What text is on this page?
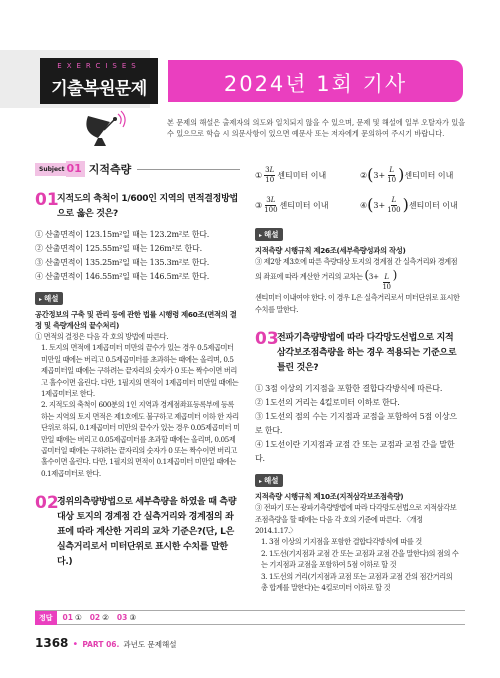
EXERCISES
기출복원문제	2024년 1회 기사
본 문제의 해설은 출제자의 의도와 일치되지 않을 수 있으며, 문제 및 해설에 일부 오탈자가 있을 수 있으므로 학습 시 의문사항이 있으면 예문사 또는 저자에게 문의하여 주시기 바랍니다.
Subject 01 지적측량
01
지적도의 축척이 1/600인 지역의 면적결정방법으로 옳은 것은?
① 산출면적이 123.15m²일 때는 123.2m²로 한다.
② 산출면적이 125.55m²일 때는 126m²로 한다.
③ 산출면적이 135.25m²일 때는 135.3m²로 한다.
④ 산출면적이 146.55m²일 때는 146.5m²로 한다.
▸ 해설
공간정보의 구축 및 관리 등에 관한 법률 시행령 제60조(면적의 결정 및 측량계산의 끝수처리)
① 면적의 결정은 다음 각 호의 방법에 따른다.
1. 토지의 면적에 1제곱미터 미만의 끝수가 있는 경우 0.5제곱미터 미만일 때에는 버리고 0.5제곱미터를 초과하는 때에는 올리며, 0.5제곱미터일 때에는 구하려는 끝자리의 숫자가 0 또는 짝수이면 버리고 홀수이면 올린다. 다만, 1필지의 면적이 1제곱미터 미만일 때에는 1제곱미터로 한다.
2. 지적도의 축척이 600분의 1인 지역과 경계점좌표등록부에 등록하는 지역의 토지 면적은 제1호에도 불구하고 제곱미터 이하 한 자리 단위로 하되, 0.1제곱미터 미만의 끝수가 있는 경우 0.05제곱미터 미만일 때에는 버리고 0.05제곱미터를 초과할 때에는 올리며, 0.05제곱미터일 때에는 구하려는 끝자리의 숫자가 0 또는 짝수이면 버리고 홀수이면 올린다. 다만, 1필지의 면적이 0.1제곱미터 미만일 때에는 0.1제곱미터로 한다.
02
경위의측량방법으로 세부측량을 하였을 때 측량대상 토지의 경계점 간 실측거리와 경계점의 좌표에 따라 계산한 거리의 교차 기준은?(단, L은 실측거리로서 미터단위로 표시한 수치를 말한다.)
① $\frac{3L}{10}$ 센티미터 이내	② ( $3 + \frac{L}{10}$ ) 센티미터 이내
③ $\frac{3L}{100}$ 센티미터 이내	④ ( $3 + \frac{L}{100}$ ) 센티미터 이내
▸ 해설
지적측량 시행규칙 제26조(세부측량성과의 작성)
③ 제2항 제3호에 따른 측량대상 토지의 경계점 간 실측거리와 경계점의 좌표에 따라 계산한 거리의 교차는 ($3+ \frac{L}{10}$ )
센티미터 이내여야 한다. 이 경우 L은 실측거리로서 미터단위로 표시한 수치를 말한다.
03
전파기측량방법에 따라 다각망도선법으로 지적삼각보조점측량을 하는 경우 적용되는 기준으로 틀린 것은?
① 3점 이상의 기지점을 포함한 결합다각방식에 따른다.
② 1도선의 거리는 4킬로미터 이하로 한다.
③ 1도선의 점의 수는 기지점과 교점을 포함하여 5점 이상으로 한다.
④ 1도선이란 기지점과 교점 간 또는 교점과 교점 간을 말한다.
▸ 해설
지적측량 시행규칙 제10조(지적삼각보조점측량)
③ 전파기 또는 광파기측량방법에 따라 다각망도선법으로 지적삼각보조점측량을 할 때에는 다음 각 호의 기준에 따른다. 〈개정 2014.1.17.〉
1. 3점 이상의 기지점을 포함한 결합다각방식에 따를 것
2. 1도선(기지점과 교점 간 또는 교점과 교점 간을 말한다)의 점의 수는 기지점과 교점을 포함하여 5점 이하로 할 것
3. 1도선의 거리(기지점과 교점 또는 교점과 교점 간의 점간거리의 총 합계를 말한다)는 4킬로미터 이하로 할 것
정답	01 ① 02 ② 03 ③
1368 • PART 06. 과년도 문제해설
